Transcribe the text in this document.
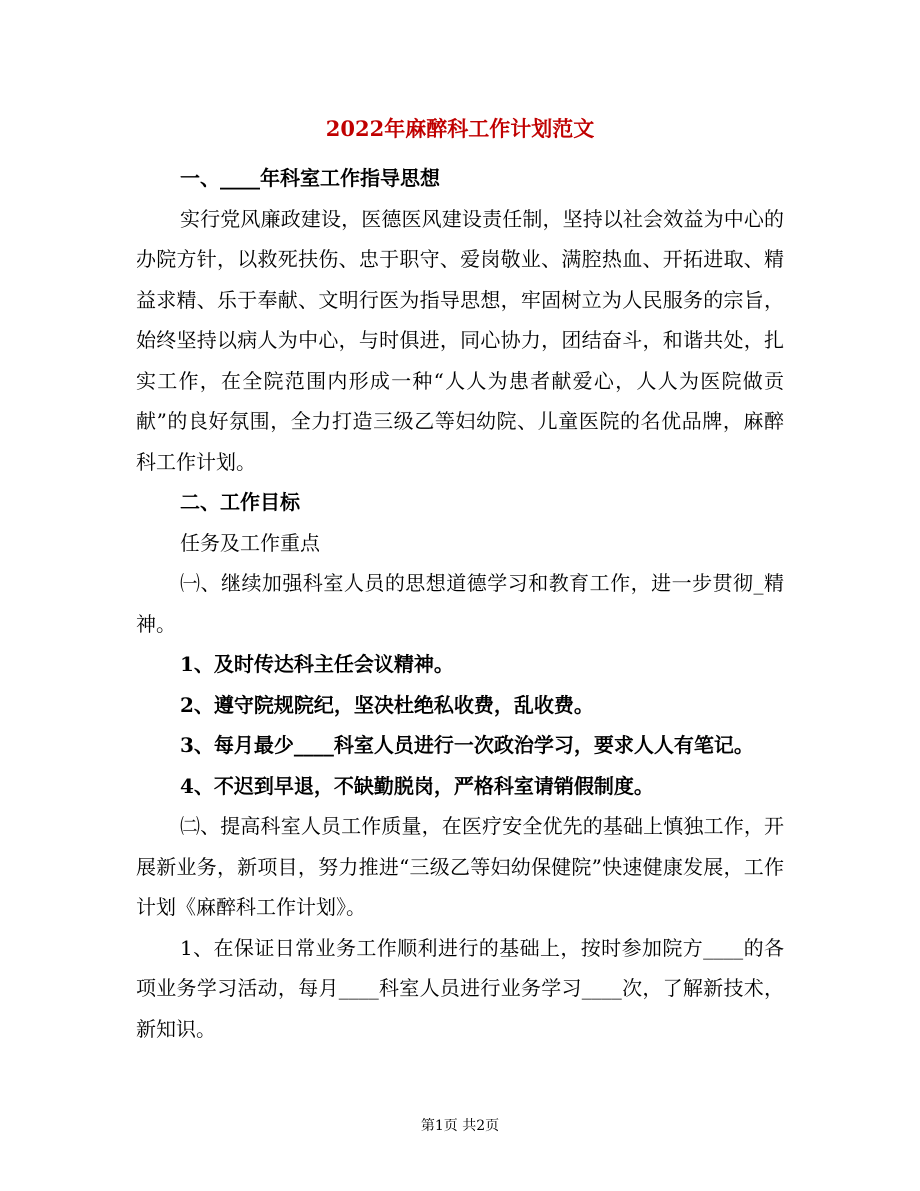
2022年麻醉科工作计划范文

一、____年科室工作指导思想

实行党风廉政建设，医德医风建设责任制，坚持以社会效益为中心的办院方针，以救死扶伤、忠于职守、爱岗敬业、满腔热血、开拓进取、精益求精、乐于奉献、文明行医为指导思想，牢固树立为人民服务的宗旨，始终坚持以病人为中心，与时俱进，同心协力，团结奋斗，和谐共处，扎实工作，在全院范围内形成一种“人人为患者献爱心，人人为医院做贡献”的良好氛围，全力打造三级乙等妇幼院、儿童医院的名优品牌，麻醉科工作计划。

二、工作目标

任务及工作重点

㈠、继续加强科室人员的思想道德学习和教育工作，进一步贯彻_精神。

1、及时传达科主任会议精神。

2、遵守院规院纪，坚决杜绝私收费，乱收费。

3、每月最少____科室人员进行一次政治学习，要求人人有笔记。

4、不迟到早退，不缺勤脱岗，严格科室请销假制度。

㈡、提高科室人员工作质量，在医疗安全优先的基础上慎独工作，开展新业务，新项目，努力推进“三级乙等妇幼保健院”快速健康发展，工作计划《麻醉科工作计划》。

1、在保证日常业务工作顺利进行的基础上，按时参加院方____的各项业务学习活动，每月____科室人员进行业务学习____次，了解新技术，新知识。

第1页 共2页
